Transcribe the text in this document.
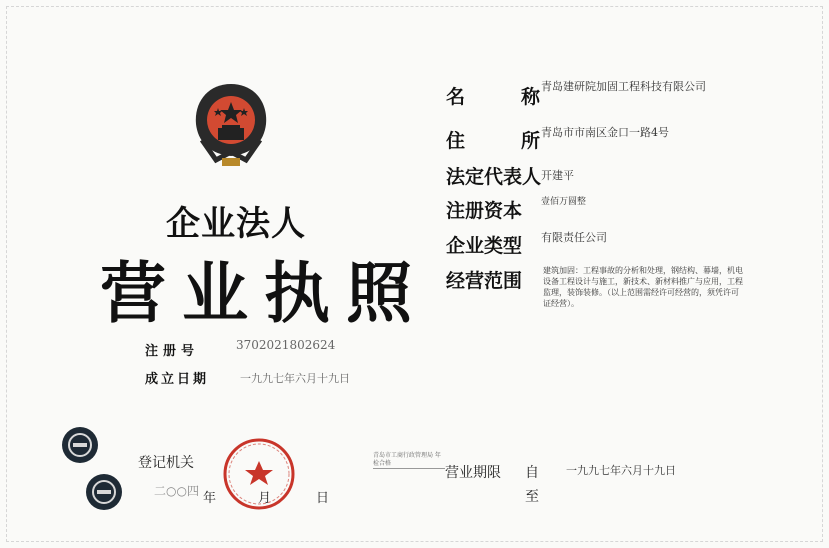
企业法人
营业执照
注册号	3702021802624
成立日期	一九九七年六月十九日
名　　称
青岛建研院加固工程科技有限公司
住　　所
青岛市市南区金口一路4号
法定代表人 开建平
注册资本 壹佰万圆整
企业类型 有限责任公司
经营范围	建筑加固：工程事故的分析和处理，钢结构、幕墙，机电设备工程设计与施工，新技术、新材料推广与应用，工程监理，装饰装修。（以上范围需经许可经营的，须凭许可证经营）。
登记机关
二○○四 年	月	日
青岛市工商行政管理局 年检合格
营业期限 自 一九九七年六月十九日
至
